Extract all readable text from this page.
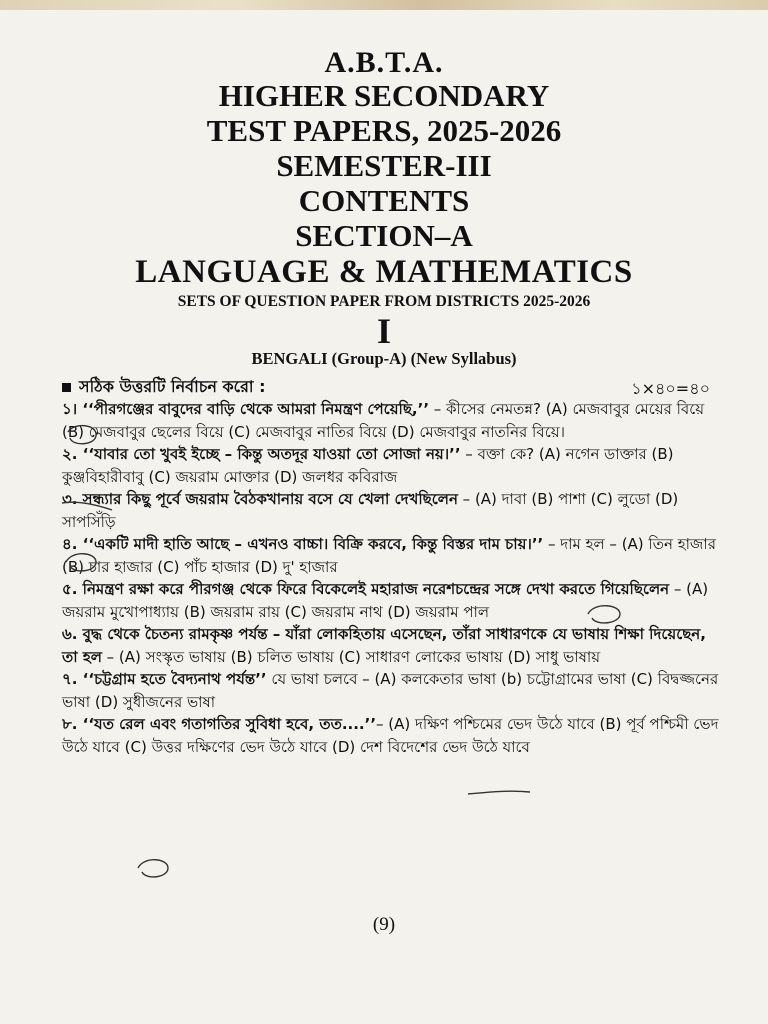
A.B.T.A.
HIGHER SECONDARY
TEST PAPERS, 2025-2026
SEMESTER-III
CONTENTS
SECTION–A
LANGUAGE & MATHEMATICS
SETS OF QUESTION PAPER FROM DISTRICTS 2025-2026
I
BENGALI (Group-A) (New Syllabus)
সঠিক উত্তরটি নির্বাচন করো :	১×৪০=৪০

১। ‘‘পীরগঞ্জের বাবুদের বাড়ি থেকে আমরা নিমন্ত্রণ পেয়েছি,’’ – কীসের নেমতন্ন? (A) মেজবাবুর মেয়ের বিয়ে (B) মেজবাবুর ছেলের বিয়ে (C) মেজবাবুর নাতির বিয়ে (D) মেজবাবুর নাতনির বিয়ে।

২. ‘‘যাবার তো খুবই ইচ্ছে – কিন্তু অতদূর যাওয়া তো সোজা নয়।’’ – বক্তা কে? (A) নগেন ডাক্তার (B) কুঞ্জবিহারীবাবু (C) জয়রাম মোক্তার (D) জলধর কবিরাজ

৩. সন্ধ্যার কিছু পূর্বে জয়রাম বৈঠকখানায় বসে যে খেলা দেখছিলেন – (A) দাবা (B) পাশা (C) লুডো (D) সাপসিঁড়ি

৪. ‘‘একটি মাদী হাতি আছে – এখনও বাচ্চা। বিক্রি করবে, কিন্তু বিস্তর দাম চায়।’’ – দাম হল – (A) তিন হাজার (B) চার হাজার (C) পাঁচ হাজার (D) দু' হাজার

৫. নিমন্ত্রণ রক্ষা করে পীরগঞ্জ থেকে ফিরে বিকেলেই মহারাজ নরেশচন্দ্রের সঙ্গে দেখা করতে গিয়েছিলেন – (A) জয়রাম মুখোপাধ্যায় (B) জয়রাম রায় (C) জয়রাম নাথ (D) জয়রাম পাল

৬. বুদ্ধ থেকে চৈতন্য রামকৃষ্ণ পর্যন্ত – যাঁরা লোকহিতায় এসেছেন, তাঁরা সাধারণকে যে ভাষায় শিক্ষা দিয়েছেন, তা হল – (A) সংস্কৃত ভাষায় (B) চলিত ভাষায় (C) সাধারণ লোকের ভাষায় (D) সাধু ভাষায়

৭. ‘‘চট্টগ্রাম হতে বৈদ্যনাথ পর্যন্ত’’ যে ভাষা চলবে – (A) কলকেতার ভাষা (b) চট্টোগ্রামের ভাষা (C) বিদ্বজ্জনের ভাষা (D) সুধীজনের ভাষা

৮. ‘‘যত রেল এবং গতাগতির সুবিধা হবে, তত....’’– (A) দক্ষিণ পশ্চিমের ভেদ উঠে যাবে (B) পূর্ব পশ্চিমী ভেদ উঠে যাবে (C) উত্তর দক্ষিণের ভেদ উঠে যাবে (D) দেশ বিদেশের ভেদ উঠে যাবে

(9)
